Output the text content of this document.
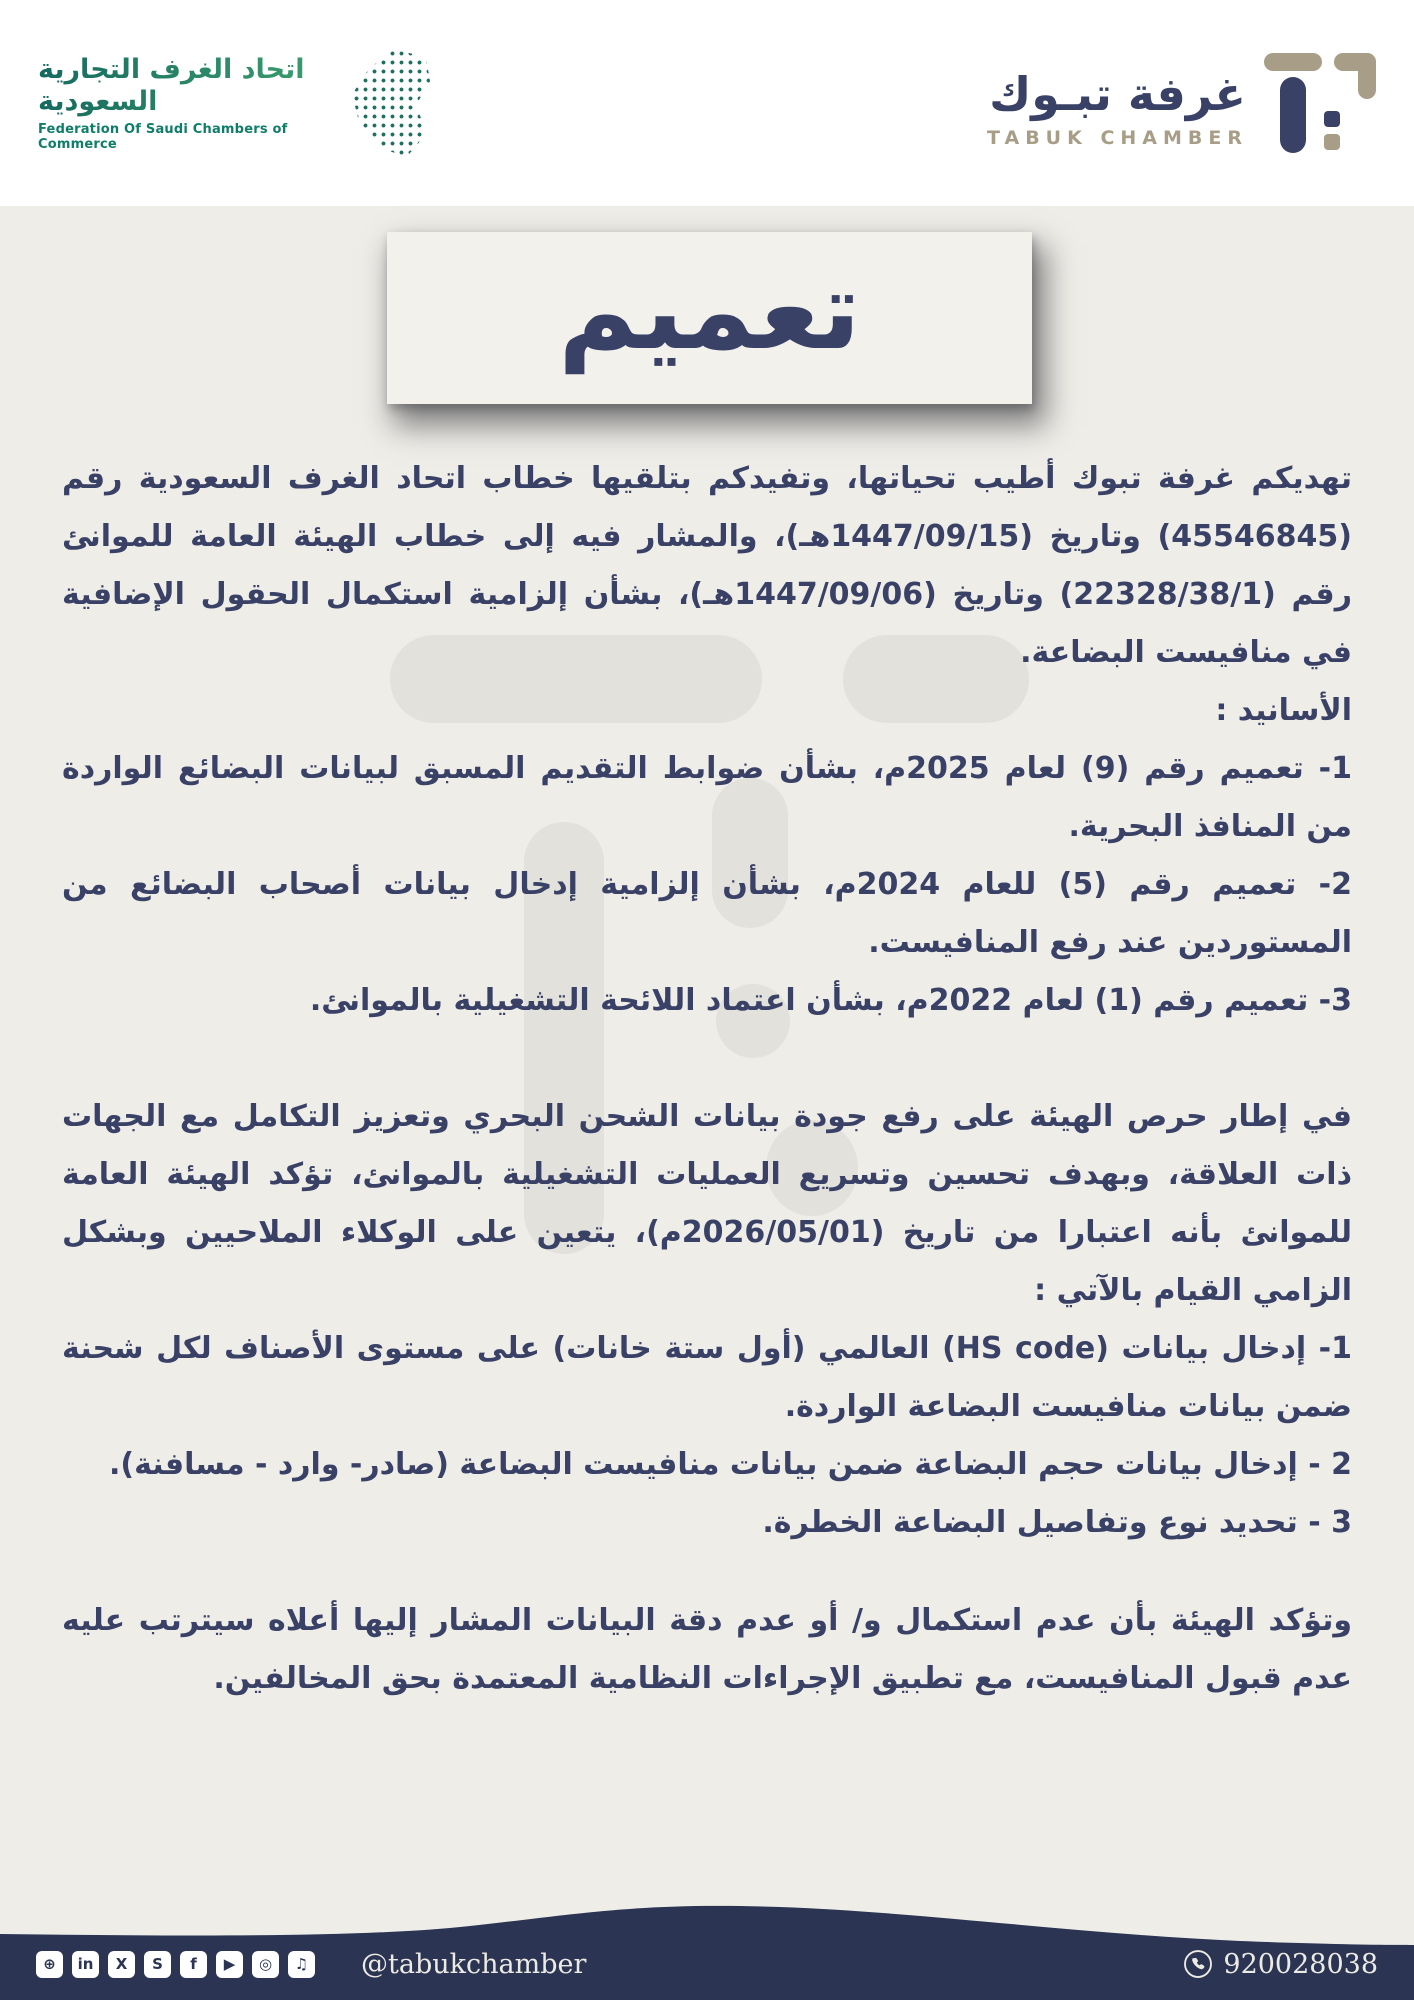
اتحاد الغرف التجارية السعودية
Federation Of Saudi Chambers of Commerce
غرفة تبـوك
TABUK CHAMBER
تعميم

تهديكم غرفة تبوك أطيب تحياتها، وتفيدكم بتلقيها خطاب اتحاد الغرف السعودية رقم (45546845) وتاريخ (1447/09/15هـ)، والمشار فيه إلى خطاب الهيئة العامة للموانئ رقم (22328/38/1) وتاريخ (1447/09/06هـ)، بشأن إلزامية استكمال الحقول الإضافية في منافيست البضاعة.

الأسانيد :

1- تعميم رقم (9) لعام 2025م، بشأن ضوابط التقديم المسبق لبيانات البضائع الواردة من المنافذ البحرية.

2- تعميم رقم (5) للعام 2024م، بشأن إلزامية إدخال بيانات أصحاب البضائع من المستوردين عند رفع المنافيست.

3- تعميم رقم (1) لعام 2022م، بشأن اعتماد اللائحة التشغيلية بالموانئ.

في إطار حرص الهيئة على رفع جودة بيانات الشحن البحري وتعزيز التكامل مع الجهات ذات العلاقة، وبهدف تحسين وتسريع العمليات التشغيلية بالموانئ، تؤكد الهيئة العامة للموانئ بأنه اعتبارا من تاريخ (2026/05/01م)، يتعين على الوكلاء الملاحيين وبشكل الزامي القيام بالآتي :

1- إدخال بيانات (HS code) العالمي (أول ستة خانات) على مستوى الأصناف لكل شحنة ضمن بيانات منافيست البضاعة الواردة.

2 - إدخال بيانات حجم البضاعة ضمن بيانات منافيست البضاعة (صادر- وارد - مسافنة).

3 - تحديد نوع وتفاصيل البضاعة الخطرة.

وتؤكد الهيئة بأن عدم استكمال و/ أو عدم دقة البيانات المشار إليها أعلاه سيترتب عليه عدم قبول المنافيست، مع تطبيق الإجراءات النظامية المعتمدة بحق المخالفين.

⊕	in	X	S	f	▶	◎	♫ @tabukchamber	920028038
